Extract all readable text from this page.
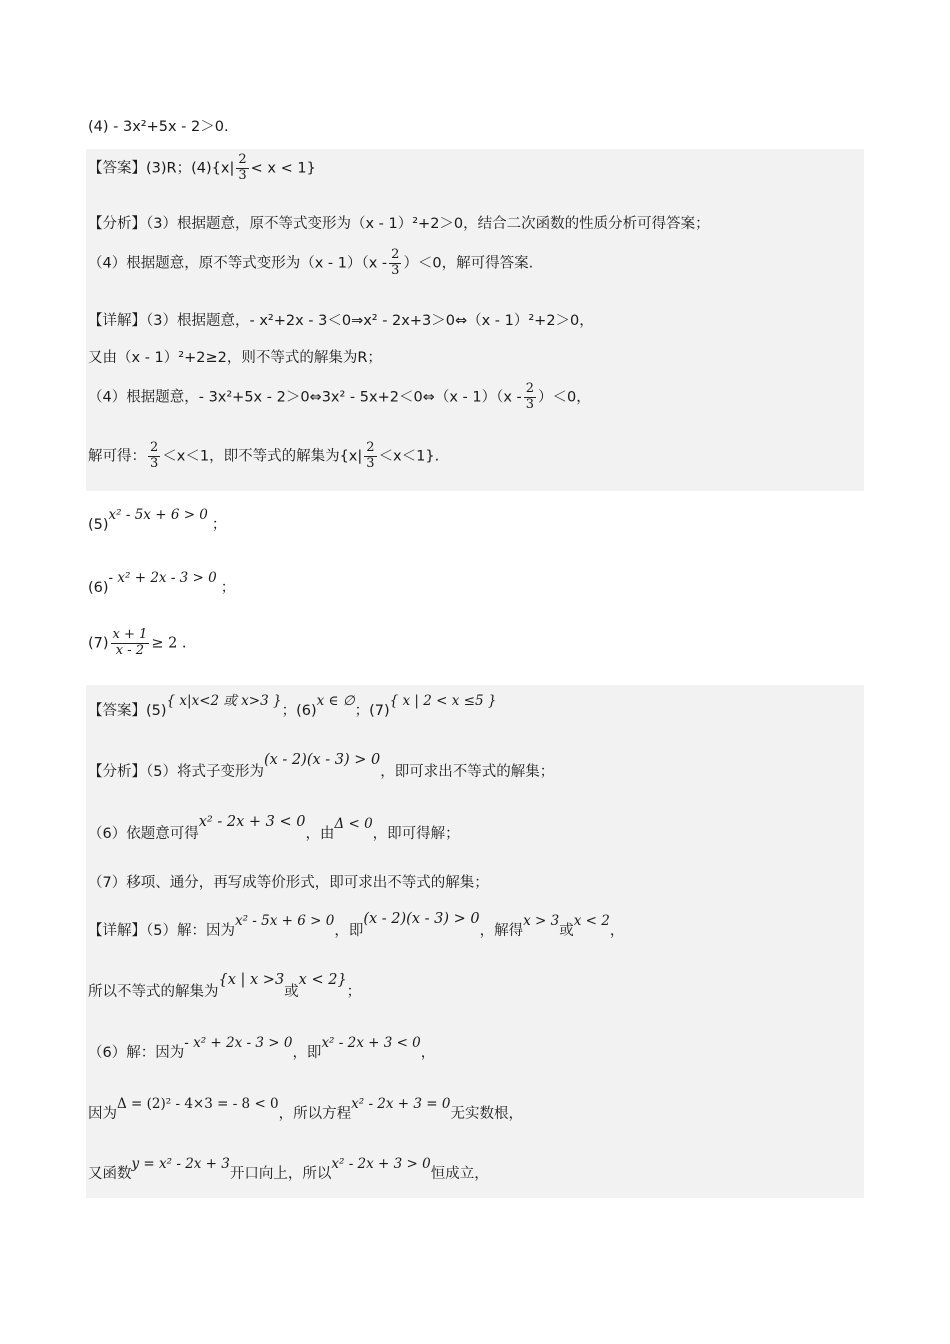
(4) - 3x²+5x - 2＞0.
【答案】(3)R；$(4)\{x| \frac{2}{3} < x < 1\}$
【分析】（3）根据题意，原不等式变形为（x - 1）²+2＞0，结合二次函数的性质分析可得答案；
（4）根据题意，原不等式变形为$(x - 1)(x - \frac{2}{3} )<0$，解可得答案.
【详解】（3）根据题意，- x²+2x - 3＜0⇒x² - 2x+3＞0⇔（x - 1）²+2＞0，
又由（x - 1）²+2≥2，则不等式的解集为R；
（4）根据题意，- 3x²+5x - 2＞0⇔3x² - 5x+2＜0⇔（x - $1)(x - \frac{2}{3} )<0$，
解可得： $\frac{2}{3} <x<1$，即不等式的解集为$\{x| \frac{2}{3} <x<1\}$.
(5)x² - 5x + 6 > 0；
(6)- x² + 2x - 3 > 0；
$(7) \frac{x + 1}{x - 2} \ge 2$ .
【答案】(5){ x|x<2 或 x>3 }；(6)x ∈ ∅；(7){ x | 2 < x ≤5 }
【分析】（5）将式子变形为(x - 2)(x - 3) > 0，即可求出不等式的解集；
（6）依题意可得x² - 2x + 3 < 0，由Δ < 0，即可得解；
（7）移项、通分，再写成等价形式，即可求出不等式的解集；
【详解】（5）解：因为x² - 5x + 6 > 0，即(x - 2)(x - 3) > 0，解得x > 3或x < 2，
所以不等式的解集为{x | x >3或x < 2}；
（6）解：因为- x² + 2x - 3 > 0，即x² - 2x + 3 < 0，
因为Δ = (2)² - 4×3 = - 8 < 0，所以方程x² - 2x + 3 = 0无实数根，
又函数y = x² - 2x + 3开口向上，所以x² - 2x + 3 > 0恒成立，
